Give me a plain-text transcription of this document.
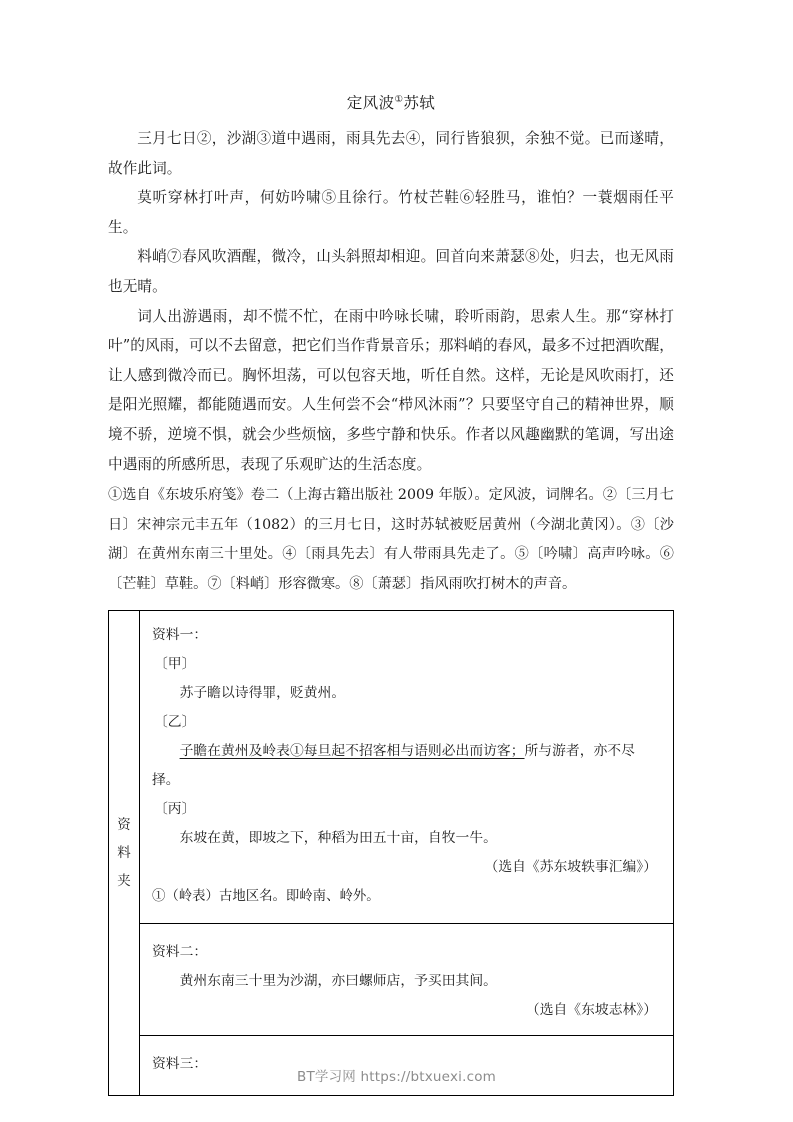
定风波①苏轼

三月七日②，沙湖③道中遇雨，雨具先去④，同行皆狼狈，余独不觉。已而遂晴，故作此词。

莫听穿林打叶声，何妨吟啸⑤且徐行。竹杖芒鞋⑥轻胜马，谁怕？一蓑烟雨任平生。

料峭⑦春风吹酒醒，微冷，山头斜照却相迎。回首向来萧瑟⑧处，归去，也无风雨也无晴。

词人出游遇雨，却不慌不忙，在雨中吟咏长啸，聆听雨韵，思索人生。那“穿林打叶”的风雨，可以不去留意，把它们当作背景音乐；那料峭的春风，最多不过把酒吹醒，让人感到微冷而已。胸怀坦荡，可以包容天地，听任自然。这样，无论是风吹雨打，还是阳光照耀，都能随遇而安。人生何尝不会“栉风沐雨”？只要坚守自己的精神世界，顺境不骄，逆境不惧，就会少些烦恼，多些宁静和快乐。作者以风趣幽默的笔调，写出途中遇雨的所感所思，表现了乐观旷达的生活态度。

①选自《东坡乐府笺》卷二（上海古籍出版社 2009 年版）。定风波，词牌名。②〔三月七日〕宋神宗元丰五年（1082）的三月七日，这时苏轼被贬居黄州（今湖北黄冈）。③〔沙湖〕在黄州东南三十里处。④〔雨具先去〕有人带雨具先走了。⑤〔吟啸〕高声吟咏。⑥〔芒鞋〕草鞋。⑦〔料峭〕形容微寒。⑧〔萧瑟〕指风雨吹打树木的声音。

资
料
夹

资料一：

〔甲〕

苏子瞻以诗得罪，贬黄州。

〔乙〕

子瞻在黄州及岭表①每旦起不招客相与语则必出而访客；所与游者，亦不尽择。

〔丙〕

东坡在黄，即坡之下，种稻为田五十亩，自牧一牛。

（选自《苏东坡轶事汇编》）

①（岭表）古地区名。即岭南、岭外。

资料二：

黄州东南三十里为沙湖，亦曰螺师店，予买田其间。

（选自《东坡志林》）

资料三：

BT学习网 https://btxuexi.com
